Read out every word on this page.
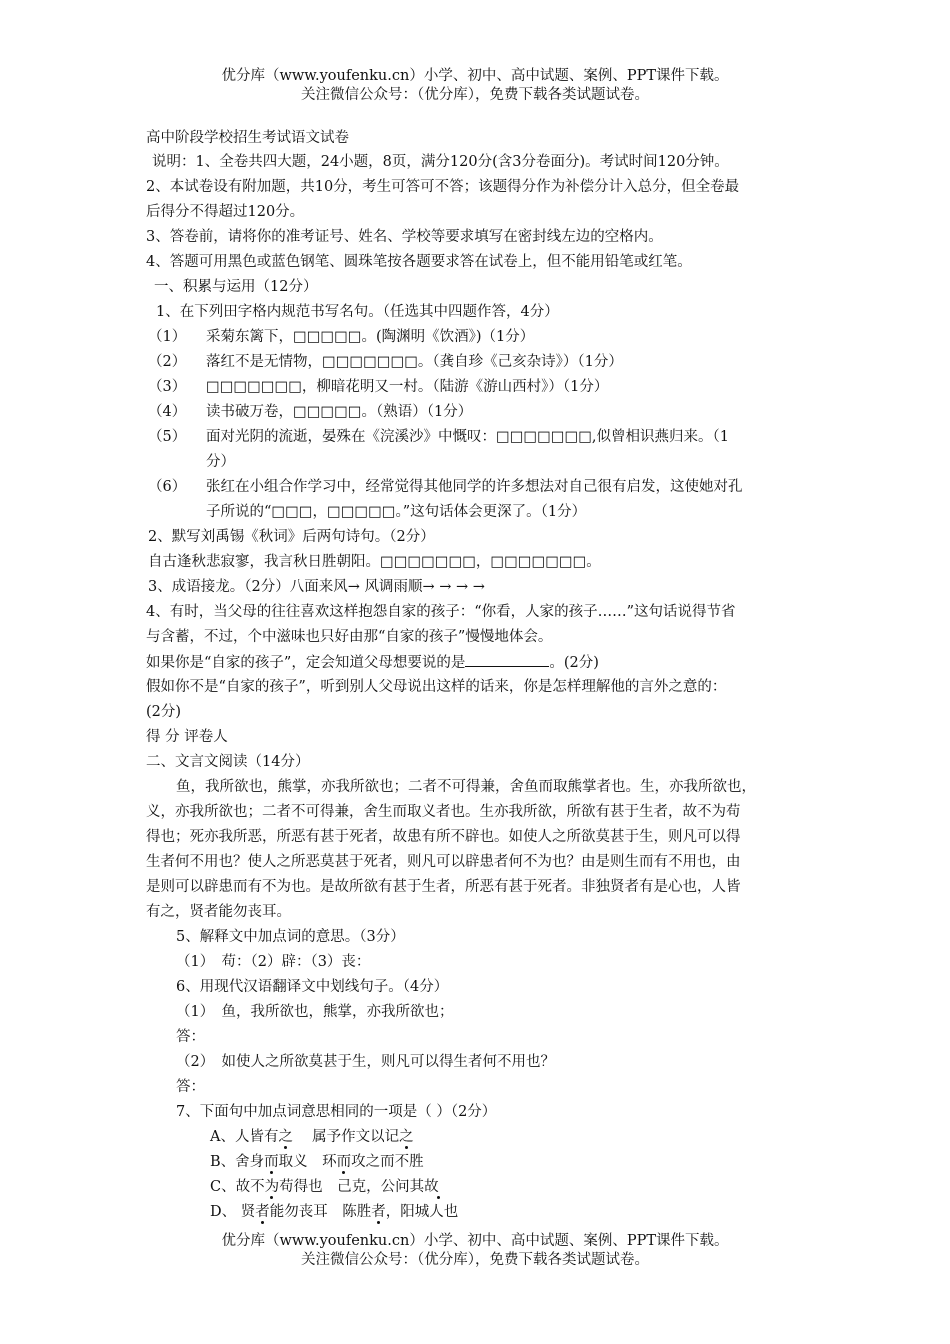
优分库（www.youfenku.cn）小学、初中、高中试题、案例、PPT课件下载。
关注微信公众号：（优分库），免费下载各类试题试卷。
高中阶段学校招生考试语文试卷
说明：1、全卷共四大题，24小题，8页，满分120分(含3分卷面分)。考试时间120分钟。
2、本试卷设有附加题，共10分，考生可答可不答；该题得分作为补偿分计入总分，但全卷最
后得分不得超过120分。
3、答卷前，请将你的准考证号、姓名、学校等要求填写在密封线左边的空格内。
4、答题可用黑色或蓝色钢笔、圆珠笔按各题要求答在试卷上，但不能用铅笔或红笔。
一、积累与运用（12分）
1、在下列田字格内规范书写名句。（任选其中四题作答，4分）
（1） 采菊东篱下，□□□□□。(陶渊明《饮酒》)（1分）
（2） 落红不是无情物，□□□□□□□。（龚自珍《己亥杂诗》）（1分）
（3） □□□□□□□，柳暗花明又一村。（陆游《游山西村》）（1分）
（4） 读书破万卷，□□□□□。（熟语）（1分）
（5） 面对光阴的流逝，晏殊在《浣溪沙》中慨叹：□□□□□□□,似曾相识燕归来。（1
分）
（6） 张红在小组合作学习中，经常觉得其他同学的许多想法对自己很有启发，这使她对孔
子所说的“□□□，□□□□□。”这句话体会更深了。（1分）
2、默写刘禹锡《秋词》后两句诗句。（2分）
自古逢秋悲寂寥，我言秋日胜朝阳。□□□□□□□，□□□□□□□。
3、成语接龙。（2分）八面来风→ 风调雨顺→ → → →
4、有时，当父母的往往喜欢这样抱怨自家的孩子：“你看，人家的孩子……”这句话说得节省
与含蓄，不过，个中滋味也只好由那“自家的孩子”慢慢地体会。
如果你是“自家的孩子”，定会知道父母想要说的是	。(2分)
假如你不是“自家的孩子”，听到别人父母说出这样的话来，你是怎样理解他的言外之意的：
(2分)
得 分 评卷人
二、文言文阅读（14分）
鱼，我所欲也，熊掌，亦我所欲也；二者不可得兼，舍鱼而取熊掌者也。生，亦我所欲也，
义，亦我所欲也；二者不可得兼，舍生而取义者也。生亦我所欲，所欲有甚于生者，故不为苟
得也；死亦我所恶，所恶有甚于死者，故患有所不辟也。如使人之所欲莫甚于生，则凡可以得
生者何不用也？使人之所恶莫甚于死者，则凡可以辟患者何不为也？由是则生而有不用也，由
是则可以辟患而有不为也。是故所欲有甚于生者，所恶有甚于死者。非独贤者有是心也，人皆
有之，贤者能勿丧耳。
5、解释文中加点词的意思。（3分）
（1）　苟：（2）辟：（3）丧：
6、用现代汉语翻译文中划线句子。（4分）
（1）　鱼，我所欲也，熊掌，亦我所欲也；
答：
（2）　如使人之所欲莫甚于生，则凡可以得生者何不用也？
答：
7、下面句中加点词意思相同的一项是（ ）（2分）
A、人皆有之　 属予作文以记之
B、舍身而取义　环而攻之而不胜
C、故不为苟得也　己克，公问其故
D、 贤者能勿丧耳　陈胜者，阳城人也
优分库（www.youfenku.cn）小学、初中、高中试题、案例、PPT课件下载。
关注微信公众号：（优分库），免费下载各类试题试卷。
